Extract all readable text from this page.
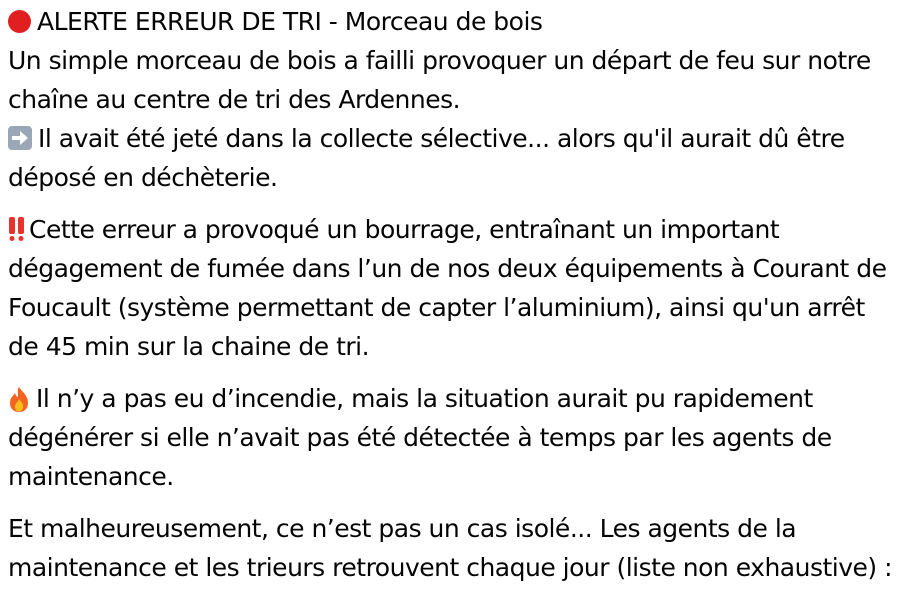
ALERTE ERREUR DE TRI - Morceau de bois
Un simple morceau de bois a failli provoquer un départ de feu sur notre chaîne au centre de tri des Ardennes.

Il avait été jeté dans la collecte sélective... alors qu'il aurait dû être déposé en déchèterie.

Cette erreur a provoqué un bourrage, entraînant un important dégagement de fumée dans l’un de nos deux équipements à Courant de Foucault (système permettant de capter l’aluminium), ainsi qu'un arrêt de 45 min sur la chaine de tri.

Il n’y a pas eu d’incendie, mais la situation aurait pu rapidement dégénérer si elle n’avait pas été détectée à temps par les agents de maintenance.

Et malheureusement, ce n’est pas un cas isolé... Les agents de la maintenance et les trieurs retrouvent chaque jour (liste non exhaustive) :
